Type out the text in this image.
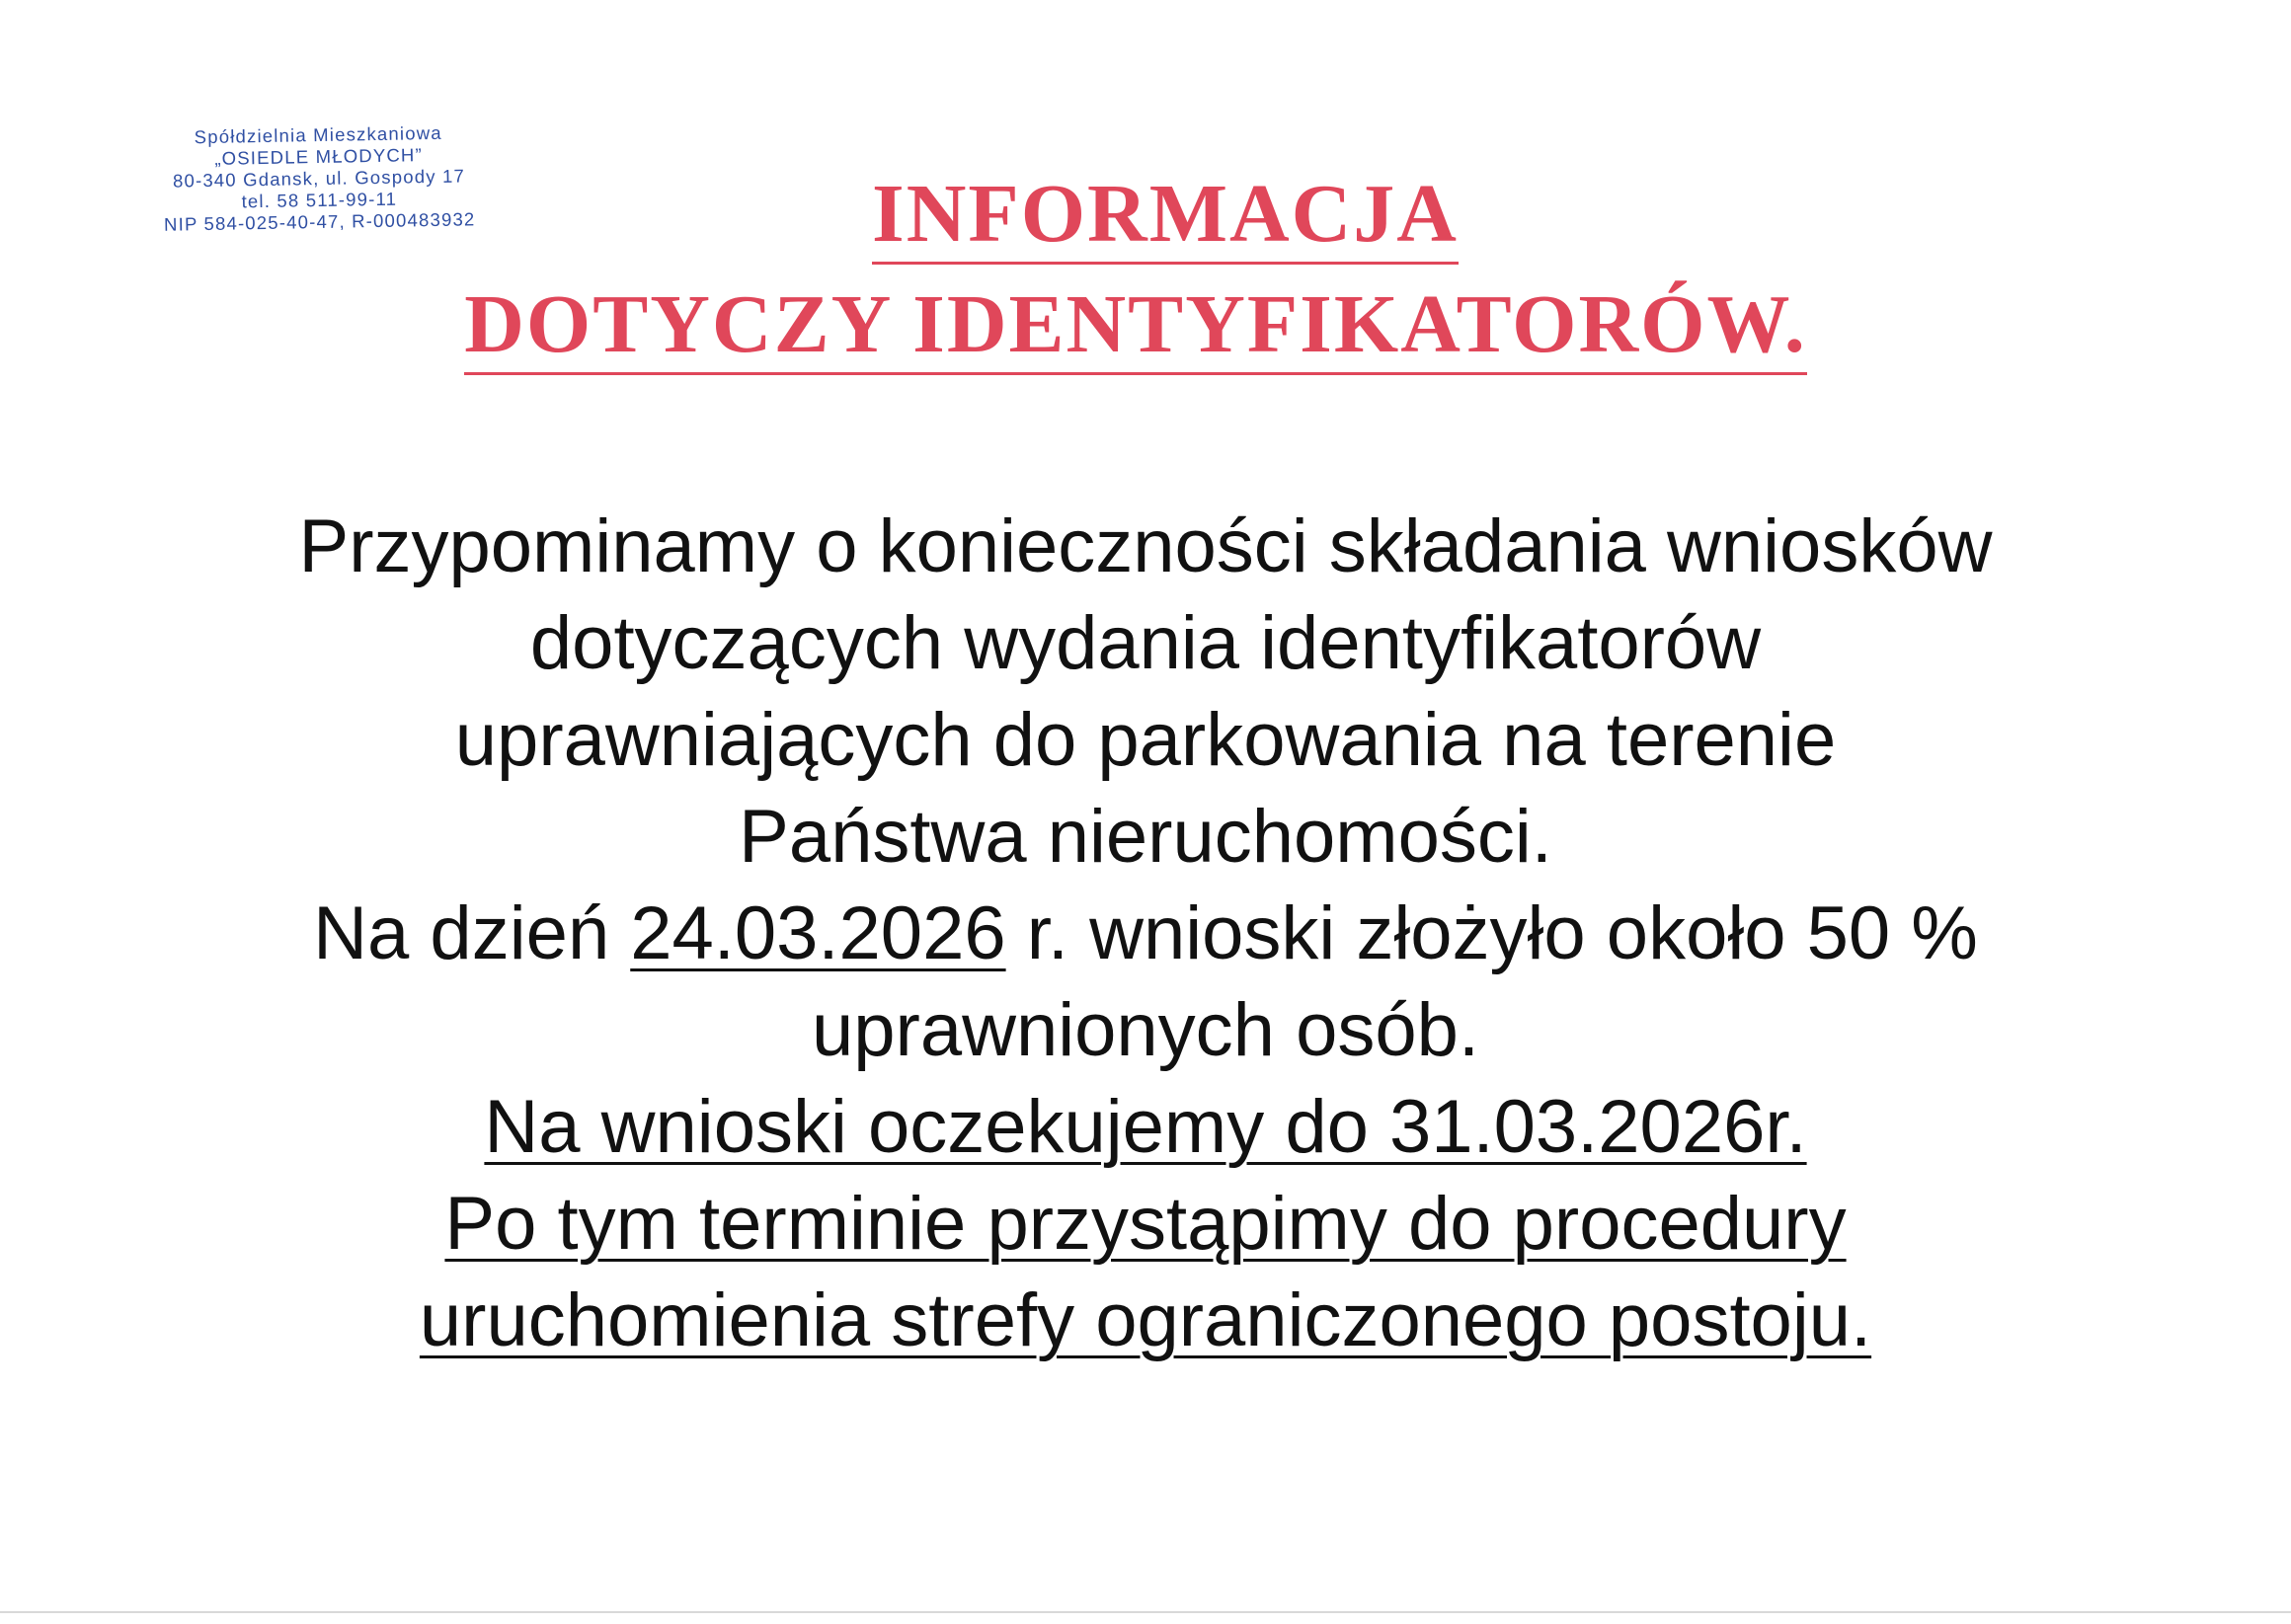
Spółdzielnia Mieszkaniowa
„OSIEDLE MŁODYCH”
80-340 Gdansk, ul. Gospody 17
tel. 58 511-99-11
NIP 584-025-40-47, R-000483932	INFORMACJA
DOTYCZY IDENTYFIKATORÓW.
Przypominamy o konieczności składania wniosków
dotyczących wydania identyfikatorów
uprawniających do parkowania na terenie
Państwa nieruchomości.
Na dzień 24.03.2026 r. wnioski złożyło około 50 %
uprawnionych osób.
Na wnioski oczekujemy do 31.03.2026r.
Po tym terminie przystąpimy do procedury
uruchomienia strefy ograniczonego postoju.
